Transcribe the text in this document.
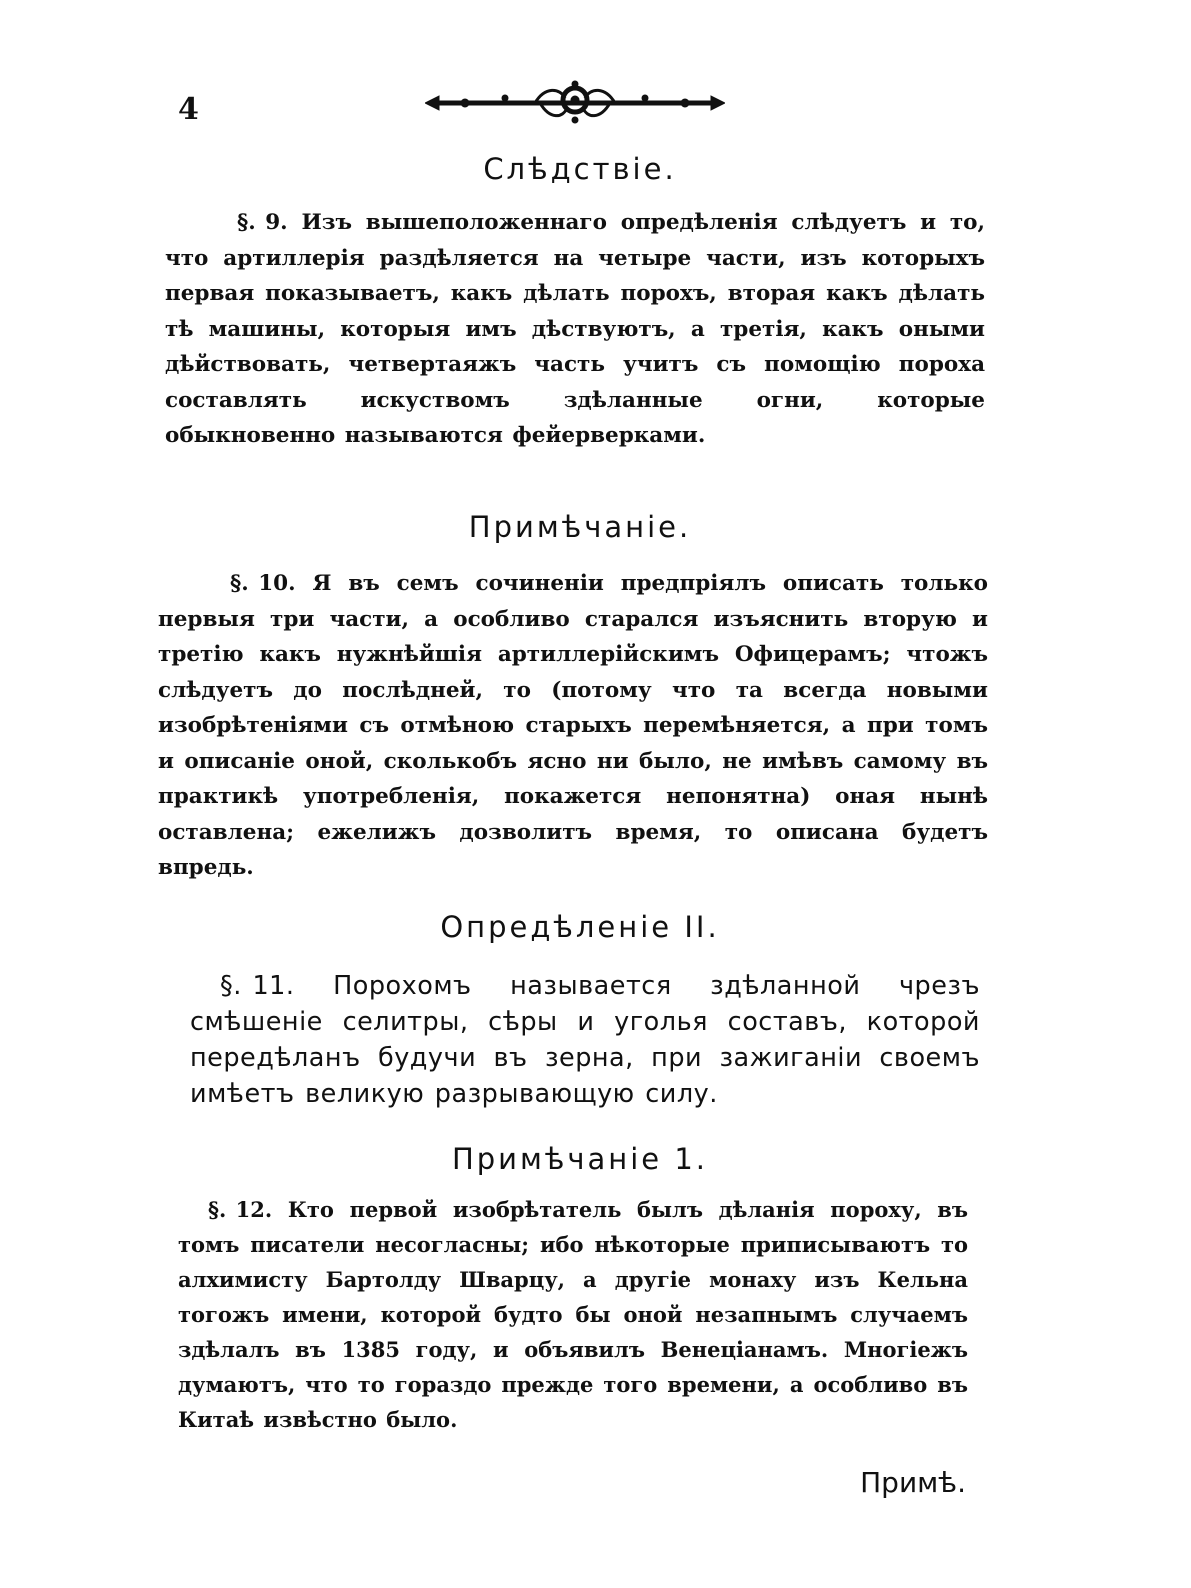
4
Слѣдствіе.
§. 9. Изъ вышеположеннаго опредѣленія слѣдуетъ и то, что артиллерія раздѣляется на четыре части, изъ которыхъ первая показываетъ, какъ дѣлать порохъ, вторая какъ дѣлать тѣ машины, которыя имъ дѣствуютъ, а третія, какъ оными дѣйствовать, четвертаяжъ часть учитъ съ помощію пороха составлять искуствомъ здѣланные огни, которые обыкновенно называются фейерверками.
Примѣчаніе.
§. 10. Я въ семъ сочиненіи предпріялъ описать только первыя три части, а особливо старался изъяснить вторую и третію какъ нужнѣйшія артиллерійскимъ Офицерамъ; чтожъ слѣдуетъ до послѣдней, то (потому что та всегда новыми изобрѣтеніями съ отмѣною старыхъ перемѣняется, а при томъ и описаніе оной, сколькобъ ясно ни было, не имѣвъ самому въ практикѣ употребленія, покажется непонятна) оная нынѣ оставлена; ежелижъ дозволитъ время, то описана будетъ впредь.
Опредѣленіе II.
§. 11. Порохомъ называется здѣланной чрезъ смѣшеніе селитры, сѣры и уголья составъ, которой передѣланъ будучи въ зерна, при зажиганіи своемъ имѣетъ великую разрывающую силу.
Примѣчаніе 1.
§. 12. Кто первой изобрѣтатель былъ дѣланія пороху, въ томъ писатели несогласны; ибо нѣкоторые приписываютъ то алхимисту Бартолду Шварцу, а другіе монаху изъ Кельна тогожъ имени, которой будто бы оной незапнымъ случаемъ здѣлалъ въ 1385 году, и объявилъ Венеціанамъ. Многіежъ думаютъ, что то гораздо прежде того времени, а особливо въ Китаѣ извѣстно было.
Примѣ.
